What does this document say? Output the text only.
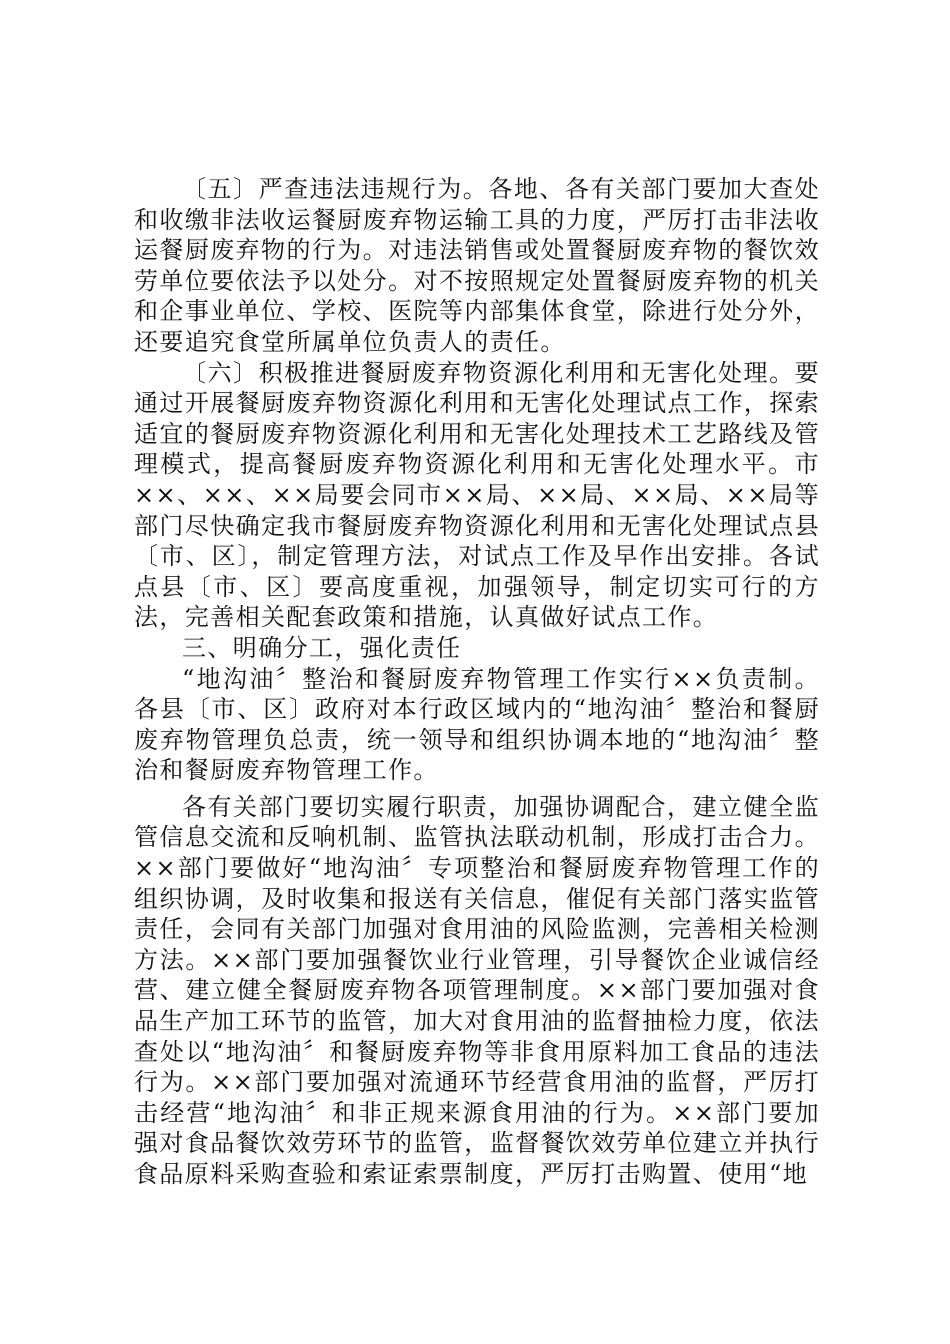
〔五〕严查违法违规行为。各地、各有关部门要加大查处和收缴非法收运餐厨废弃物运输工具的力度，严厉打击非法收运餐厨废弃物的行为。对违法销售或处置餐厨废弃物的餐饮效劳单位要依法予以处分。对不按照规定处置餐厨废弃物的机关和企事业单位、学校、医院等内部集体食堂，除进行处分外，还要追究食堂所属单位负责人的责任。

〔六〕积极推进餐厨废弃物资源化利用和无害化处理。要通过开展餐厨废弃物资源化利用和无害化处理试点工作，探索适宜的餐厨废弃物资源化利用和无害化处理技术工艺路线及管理模式，提高餐厨废弃物资源化利用和无害化处理水平。市××、××、××局要会同市××局、××局、××局、××局等部门尽快确定我市餐厨废弃物资源化利用和无害化处理试点县〔市、区〕，制定管理方法，对试点工作及早作出安排。各试点县〔市、区〕要高度重视，加强领导，制定切实可行的方法，完善相关配套政策和措施，认真做好试点工作。

三、明确分工，强化责任

“地沟油〞整治和餐厨废弃物管理工作实行××负责制。各县〔市、区〕政府对本行政区域内的“地沟油〞整治和餐厨废弃物管理负总责，统一领导和组织协调本地的“地沟油〞整治和餐厨废弃物管理工作。

各有关部门要切实履行职责，加强协调配合，建立健全监管信息交流和反响机制、监管执法联动机制，形成打击合力。××部门要做好“地沟油〞专项整治和餐厨废弃物管理工作的组织协调，及时收集和报送有关信息，催促有关部门落实监管责任，会同有关部门加强对食用油的风险监测，完善相关检测方法。××部门要加强餐饮业行业管理，引导餐饮企业诚信经营、建立健全餐厨废弃物各项管理制度。××部门要加强对食品生产加工环节的监管，加大对食用油的监督抽检力度，依法查处以“地沟油〞和餐厨废弃物等非食用原料加工食品的违法行为。××部门要加强对流通环节经营食用油的监督，严厉打击经营“地沟油〞和非正规来源食用油的行为。××部门要加强对食品餐饮效劳环节的监管，监督餐饮效劳单位建立并执行食品原料采购查验和索证索票制度，严厉打击购置、使用“地
